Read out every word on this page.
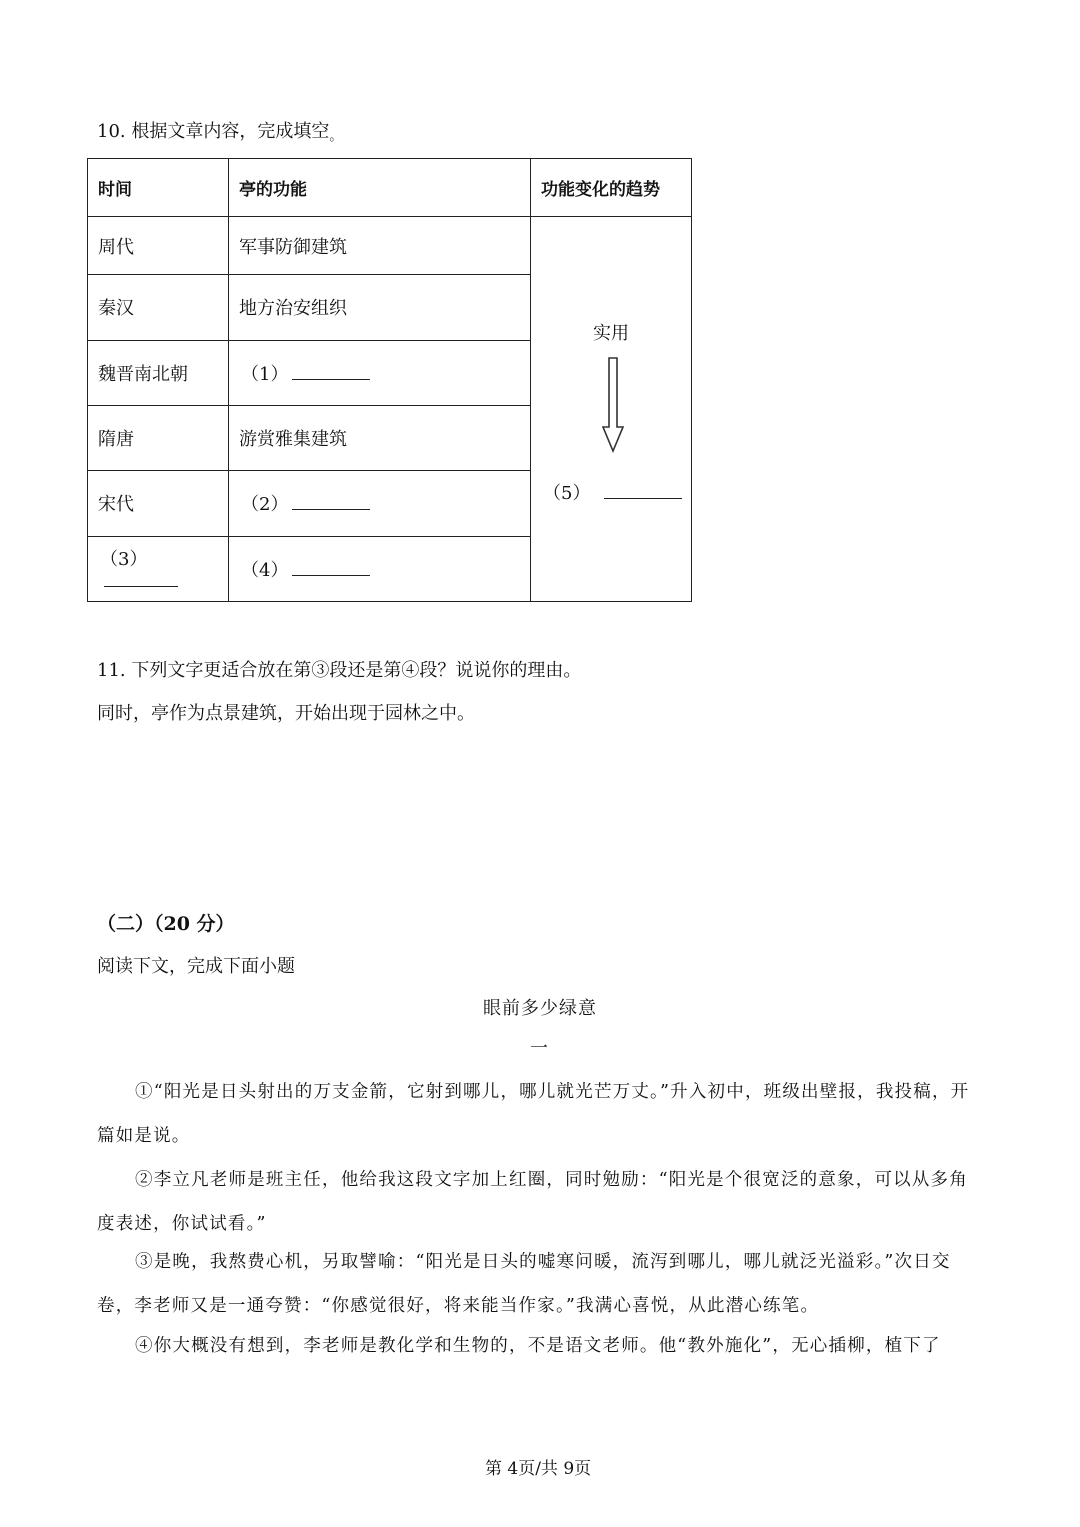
10. 根据文章内容，完成填空。
时间	亭的功能	功能变化的趋势
周代	军事防御建筑	实用
（5）

秦汉	地方治安组织	
魏晋南北朝	（1）	
隋唐	游赏雅集建筑	
宋代	（2）	
（3）	（4）	
11. 下列文字更适合放在第③段还是第④段？说说你的理由。
同时，亭作为点景建筑，开始出现于园林之中。
（二）（20 分）
阅读下文，完成下面小题
眼前多少绿意
一
①“阳光是日头射出的万支金箭，它射到哪儿，哪儿就光芒万丈。”升入初中，班级出壁报，我投稿，开篇如是说。
②李立凡老师是班主任，他给我这段文字加上红圈，同时勉励：“阳光是个很宽泛的意象，可以从多角度表述，你试试看。”
③是晚，我熬费心机，另取譬喻：“阳光是日头的嘘寒问暖，流泻到哪儿，哪儿就泛光溢彩。”次日交卷，李老师又是一通夸赞：“你感觉很好，将来能当作家。”我满心喜悦，从此潜心练笔。
④你大概没有想到，李老师是教化学和生物的，不是语文老师。他“教外施化”，无心插柳，植下了
第 4页/共 9页
